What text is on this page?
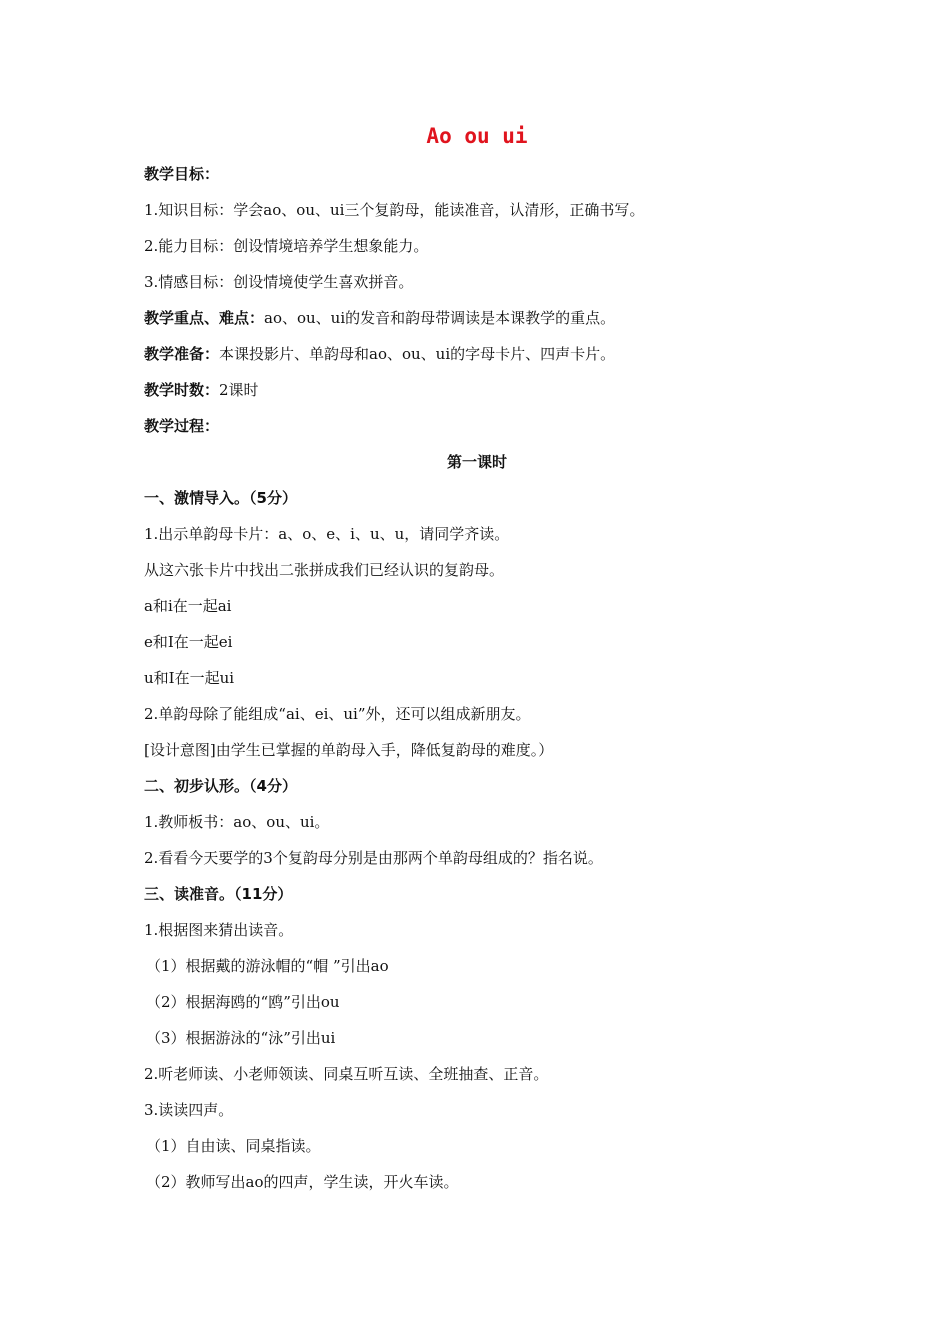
Ao ou ui
教学目标：
1.知识目标：学会ao、ou、ui三个复韵母，能读准音，认清形，正确书写。
2.能力目标：创设情境培养学生想象能力。
3.情感目标：创设情境使学生喜欢拼音。
教学重点、难点：ao、ou、ui的发音和韵母带调读是本课教学的重点。
教学准备：本课投影片、单韵母和ao、ou、ui的字母卡片、四声卡片。
教学时数：2课时
教学过程：
第一课时
一、激情导入。（5分）
1.出示单韵母卡片：a、o、e、i、u、u，请同学齐读。
从这六张卡片中找出二张拼成我们已经认识的复韵母。
a和i在一起ai
e和I在一起ei
u和I在一起ui
2.单韵母除了能组成“ai、ei、ui”外，还可以组成新朋友。
[设计意图]由学生已掌握的单韵母入手，降低复韵母的难度。）
二、初步认形。（4分）
1.教师板书：ao、ou、ui。
2.看看今天要学的3个复韵母分别是由那两个单韵母组成的？指名说。
三、读准音。（11分）
1.根据图来猜出读音。
（1）根据戴的游泳帽的“帽 ”引出ao
（2）根据海鸥的“鸥”引出ou
（3）根据游泳的“泳”引出ui
2.听老师读、小老师领读、同桌互听互读、全班抽查、正音。
3.读读四声。
（1）自由读、同桌指读。
（2）教师写出ao的四声，学生读，开火车读。
